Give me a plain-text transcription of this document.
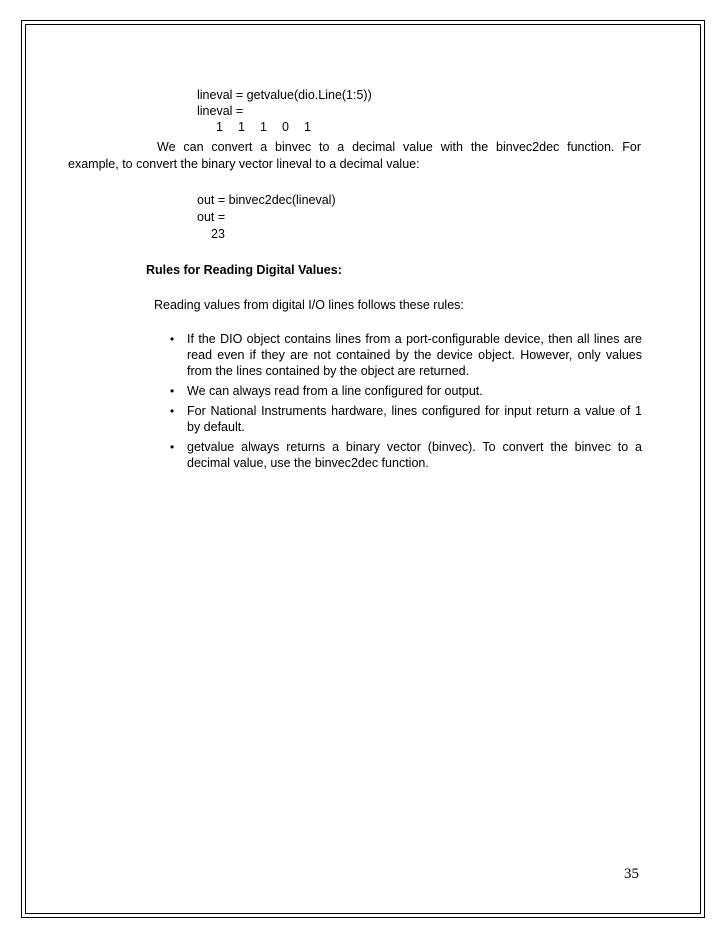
lineval = getvalue(dio.Line(1:5))
lineval =
1 1 1 0 1
We can convert a binvec to a decimal value with the binvec2dec function. For
example, to convert the binary vector lineval to a decimal value:
out = binvec2dec(lineval)
out =
23
Rules for Reading Digital Values:
Reading values from digital I/O lines follows these rules:
• If the DIO object contains lines from a port-configurable device, then all lines are read even if they are not contained by the device object. However, only values from the lines contained by the object are returned.
• We can always read from a line configured for output.
• For National Instruments hardware, lines configured for input return a value of 1 by default.
• getvalue always returns a binary vector (binvec). To convert the binvec to a decimal value, use the binvec2dec function.
35
